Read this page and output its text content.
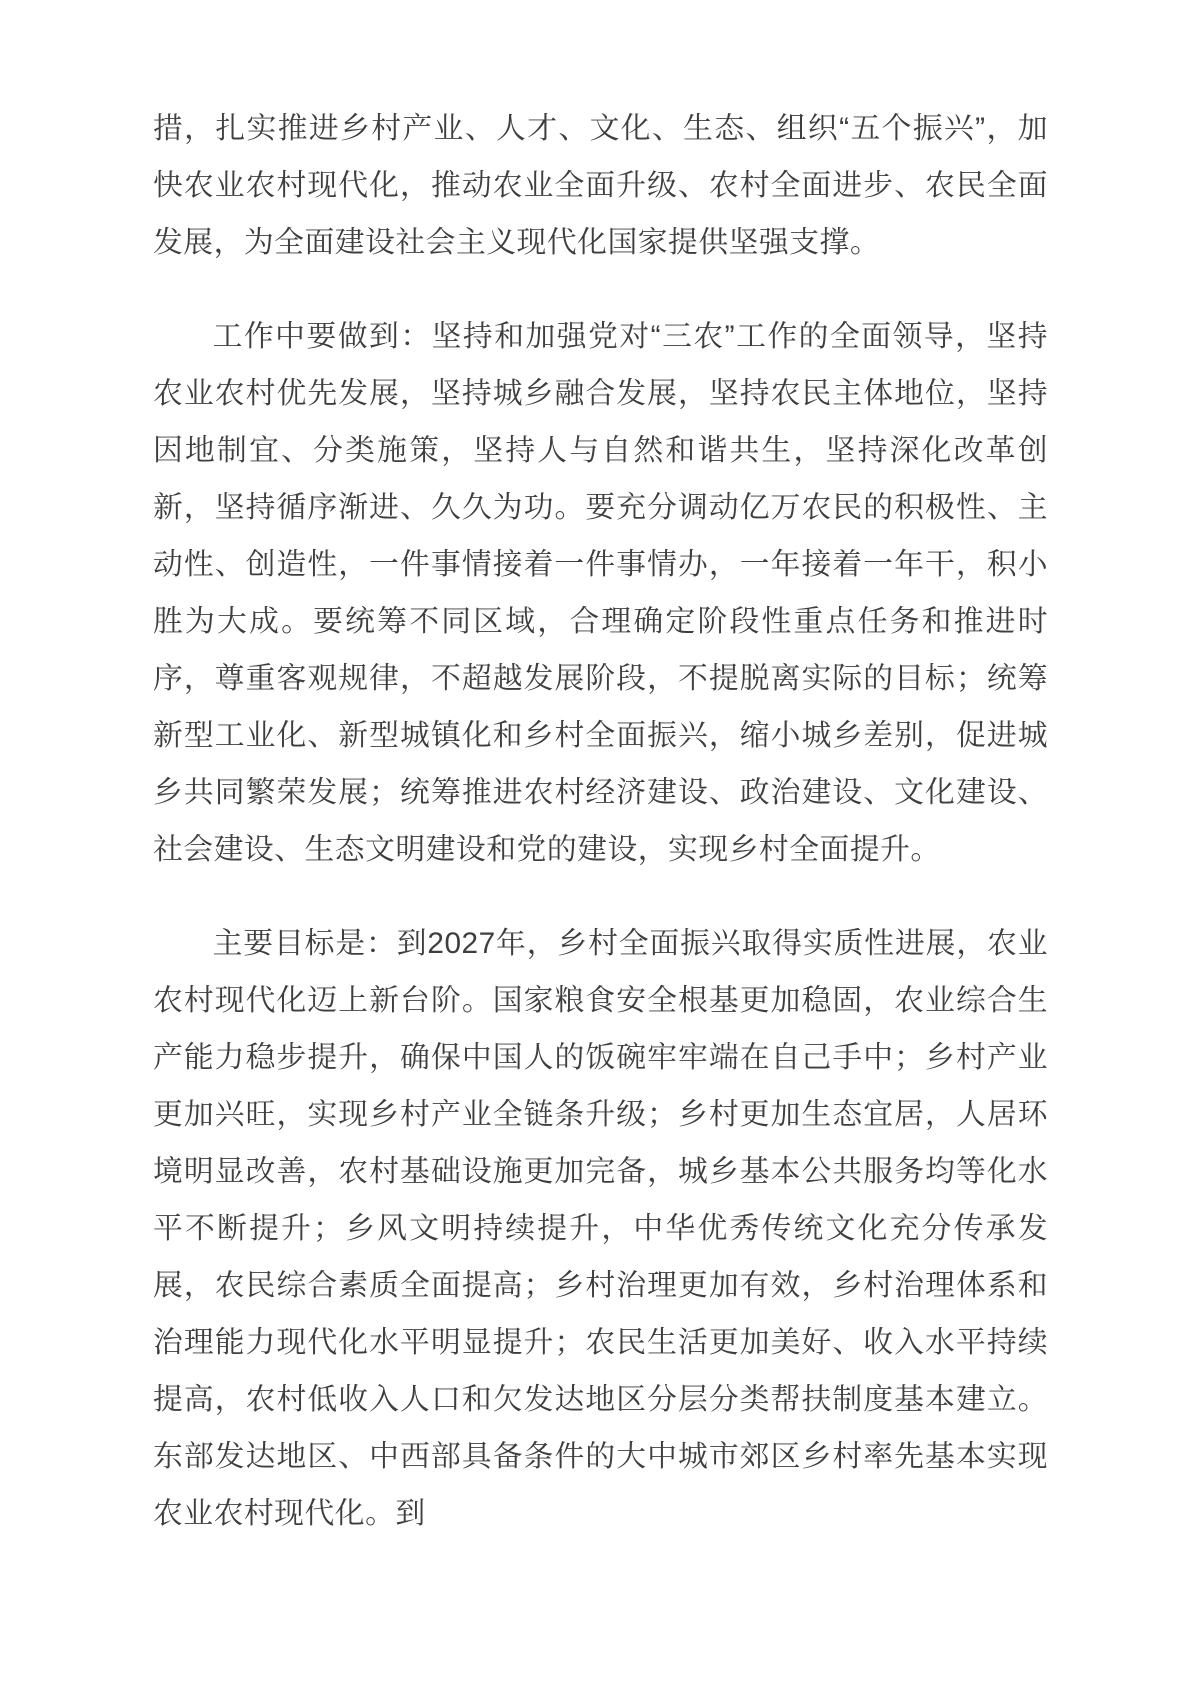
措，扎实推进乡村产业、人才、文化、生态、组织“五个振兴”，加快农业农村现代化，推动农业全面升级、农村全面进步、农民全面发展，为全面建设社会主义现代化国家提供坚强支撑。

工作中要做到：坚持和加强党对“三农”工作的全面领导，坚持农业农村优先发展，坚持城乡融合发展，坚持农民主体地位，坚持因地制宜、分类施策，坚持人与自然和谐共生，坚持深化改革创新，坚持循序渐进、久久为功。要充分调动亿万农民的积极性、主动性、创造性，一件事情接着一件事情办，一年接着一年干，积小胜为大成。要统筹不同区域，合理确定阶段性重点任务和推进时序，尊重客观规律，不超越发展阶段，不提脱离实际的目标；统筹新型工业化、新型城镇化和乡村全面振兴，缩小城乡差别，促进城乡共同繁荣发展；统筹推进农村经济建设、政治建设、文化建设、社会建设、生态文明建设和党的建设，实现乡村全面提升。

主要目标是：到2027年，乡村全面振兴取得实质性进展，农业农村现代化迈上新台阶。国家粮食安全根基更加稳固，农业综合生产能力稳步提升，确保中国人的饭碗牢牢端在自己手中；乡村产业更加兴旺，实现乡村产业全链条升级；乡村更加生态宜居，人居环境明显改善，农村基础设施更加完备，城乡基本公共服务均等化水平不断提升；乡风文明持续提升，中华优秀传统文化充分传承发展，农民综合素质全面提高；乡村治理更加有效，乡村治理体系和治理能力现代化水平明显提升；农民生活更加美好、收入水平持续提高，农村低收入人口和欠发达地区分层分类帮扶制度基本建立。东部发达地区、中西部具备条件的大中城市郊区乡村率先基本实现农业农村现代化。到
